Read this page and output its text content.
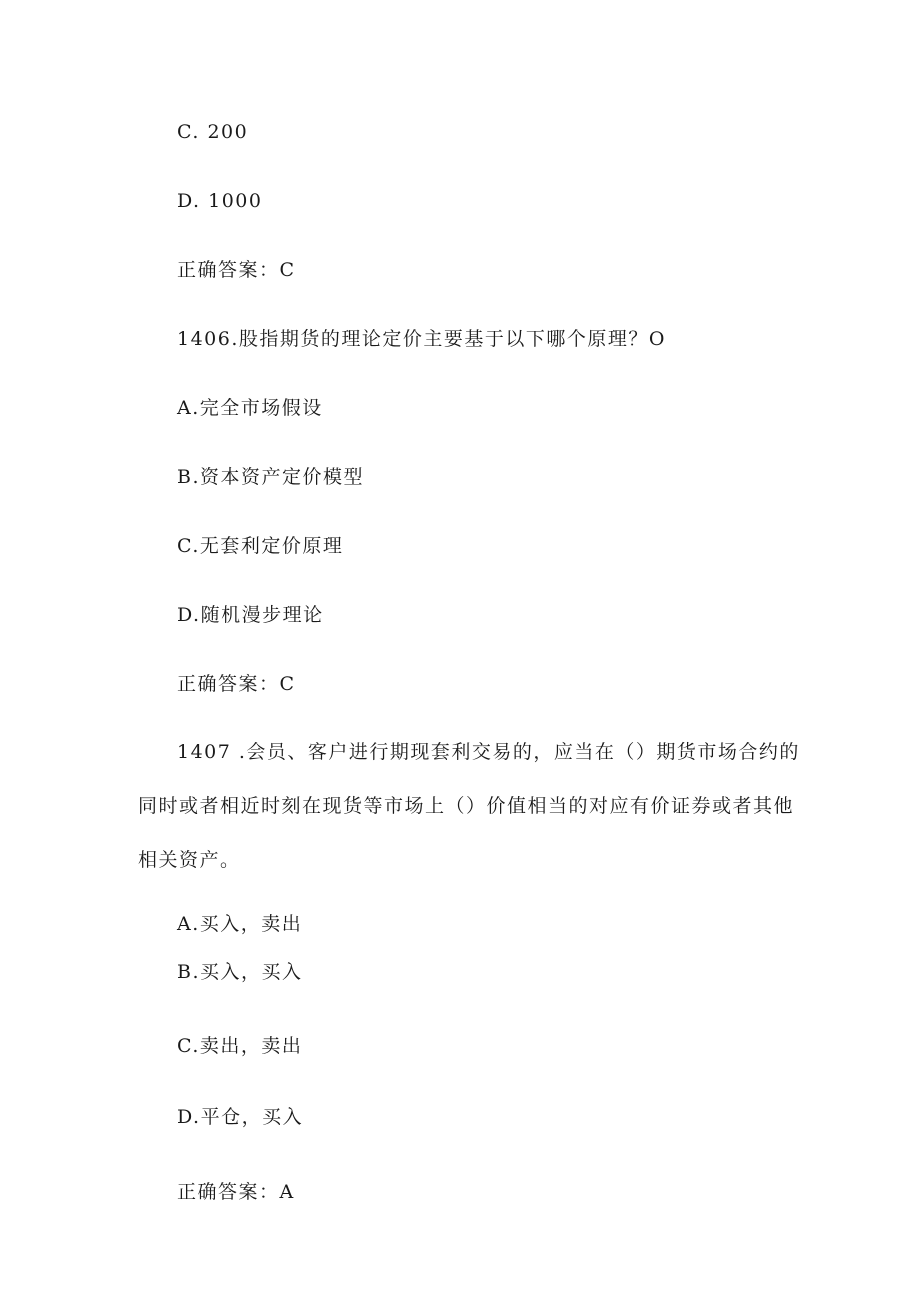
C. 200
D. 1000
正确答案：C
1406.股指期货的理论定价主要基于以下哪个原理？O
A.完全市场假设
B.资本资产定价模型
C.无套利定价原理
D.随机漫步理论
正确答案：C
1407 .会员、客户进行期现套利交易的，应当在（）期货市场合约的
同时或者相近时刻在现货等市场上（）价值相当的对应有价证券或者其他
相关资产。
A.买入，卖出
B.买入，买入
C.卖出，卖出
D.平仓，买入
正确答案：A
